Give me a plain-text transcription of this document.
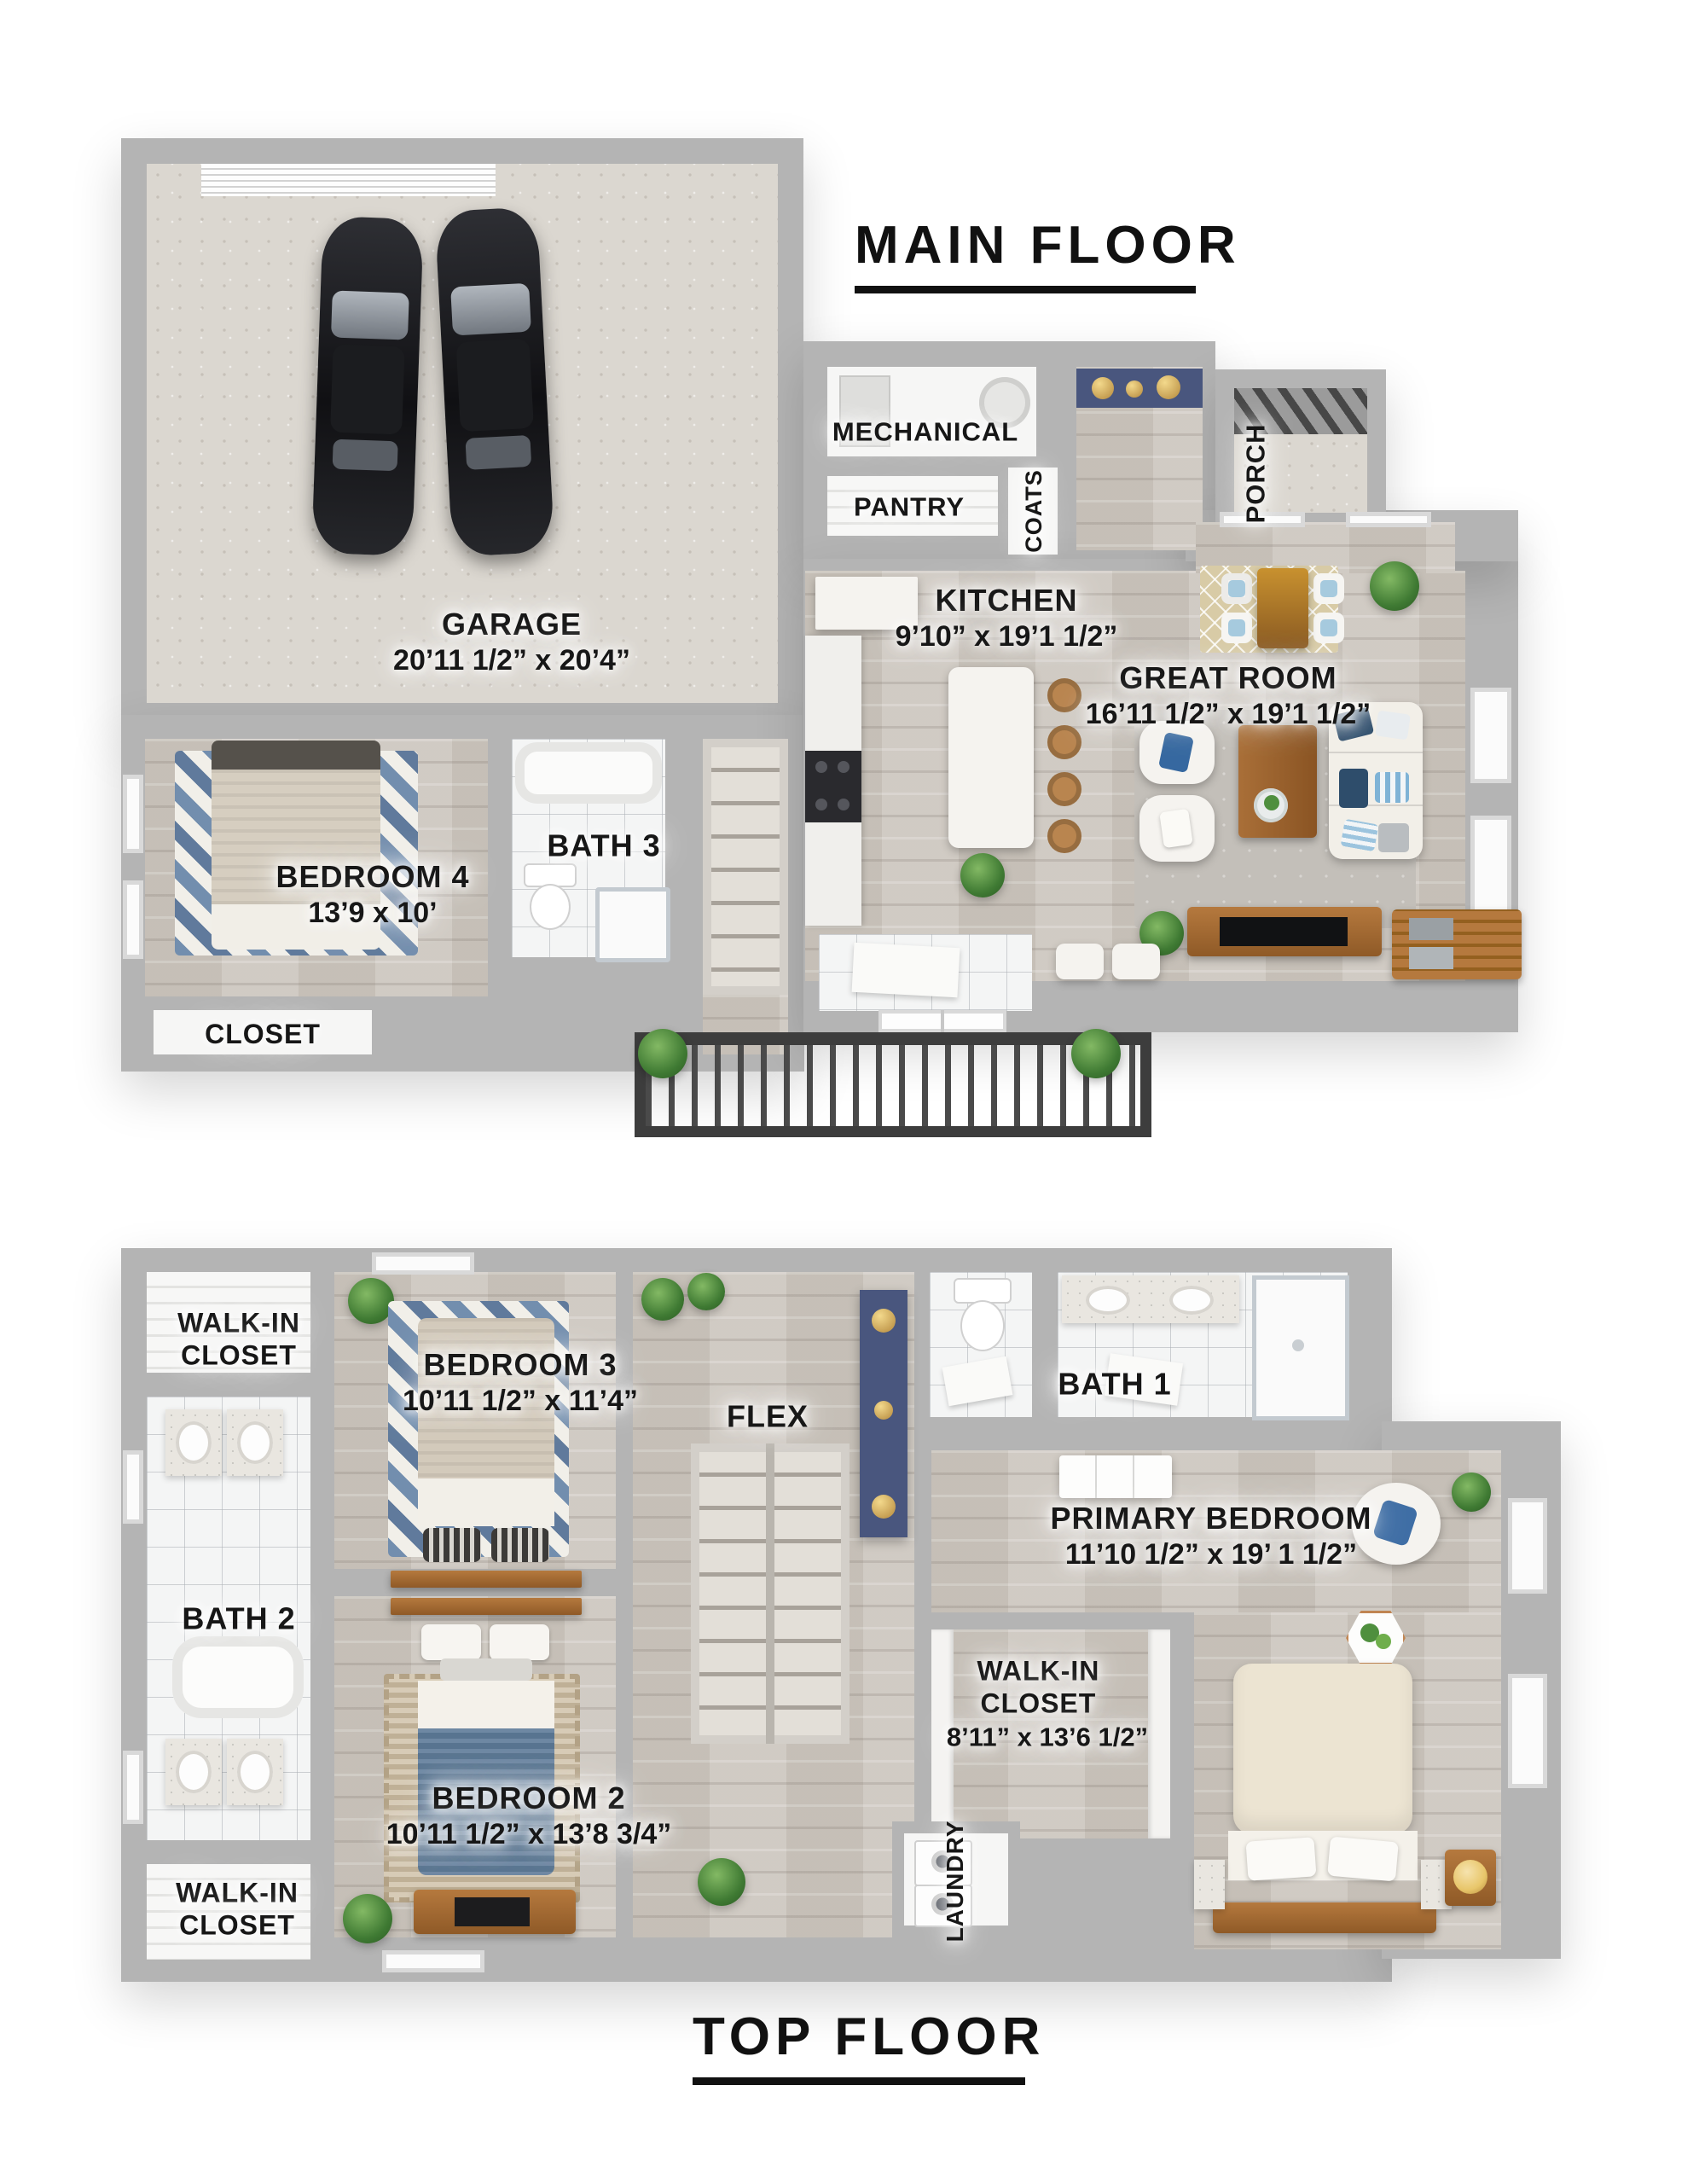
MAIN FLOOR
GARAGE
20’11 1/2” x 20’4”
MECHANICAL
PANTRY COATS	PORCH
KITCHEN
9’10” x 19’1 1/2”
GREAT ROOM
16’11 1/2” x 19’1 1/2”
BEDROOM 4
13’9 x 10’
BATH 3
CLOSET
WALK-IN CLOSET	BEDROOM 3
10’11 1/2” x 11’4”	FLEX
BATH 1
PRIMARY BEDROOM
11’10 1/2” x 19’ 1 1/2”
WALK-IN CLOSET
8’11” x 13’6 1/2”
BATH 2
BEDROOM 2
10’11 1/2” x 13’8 3/4”	LAUNDRY
WALK-IN CLOSET
TOP FLOOR
